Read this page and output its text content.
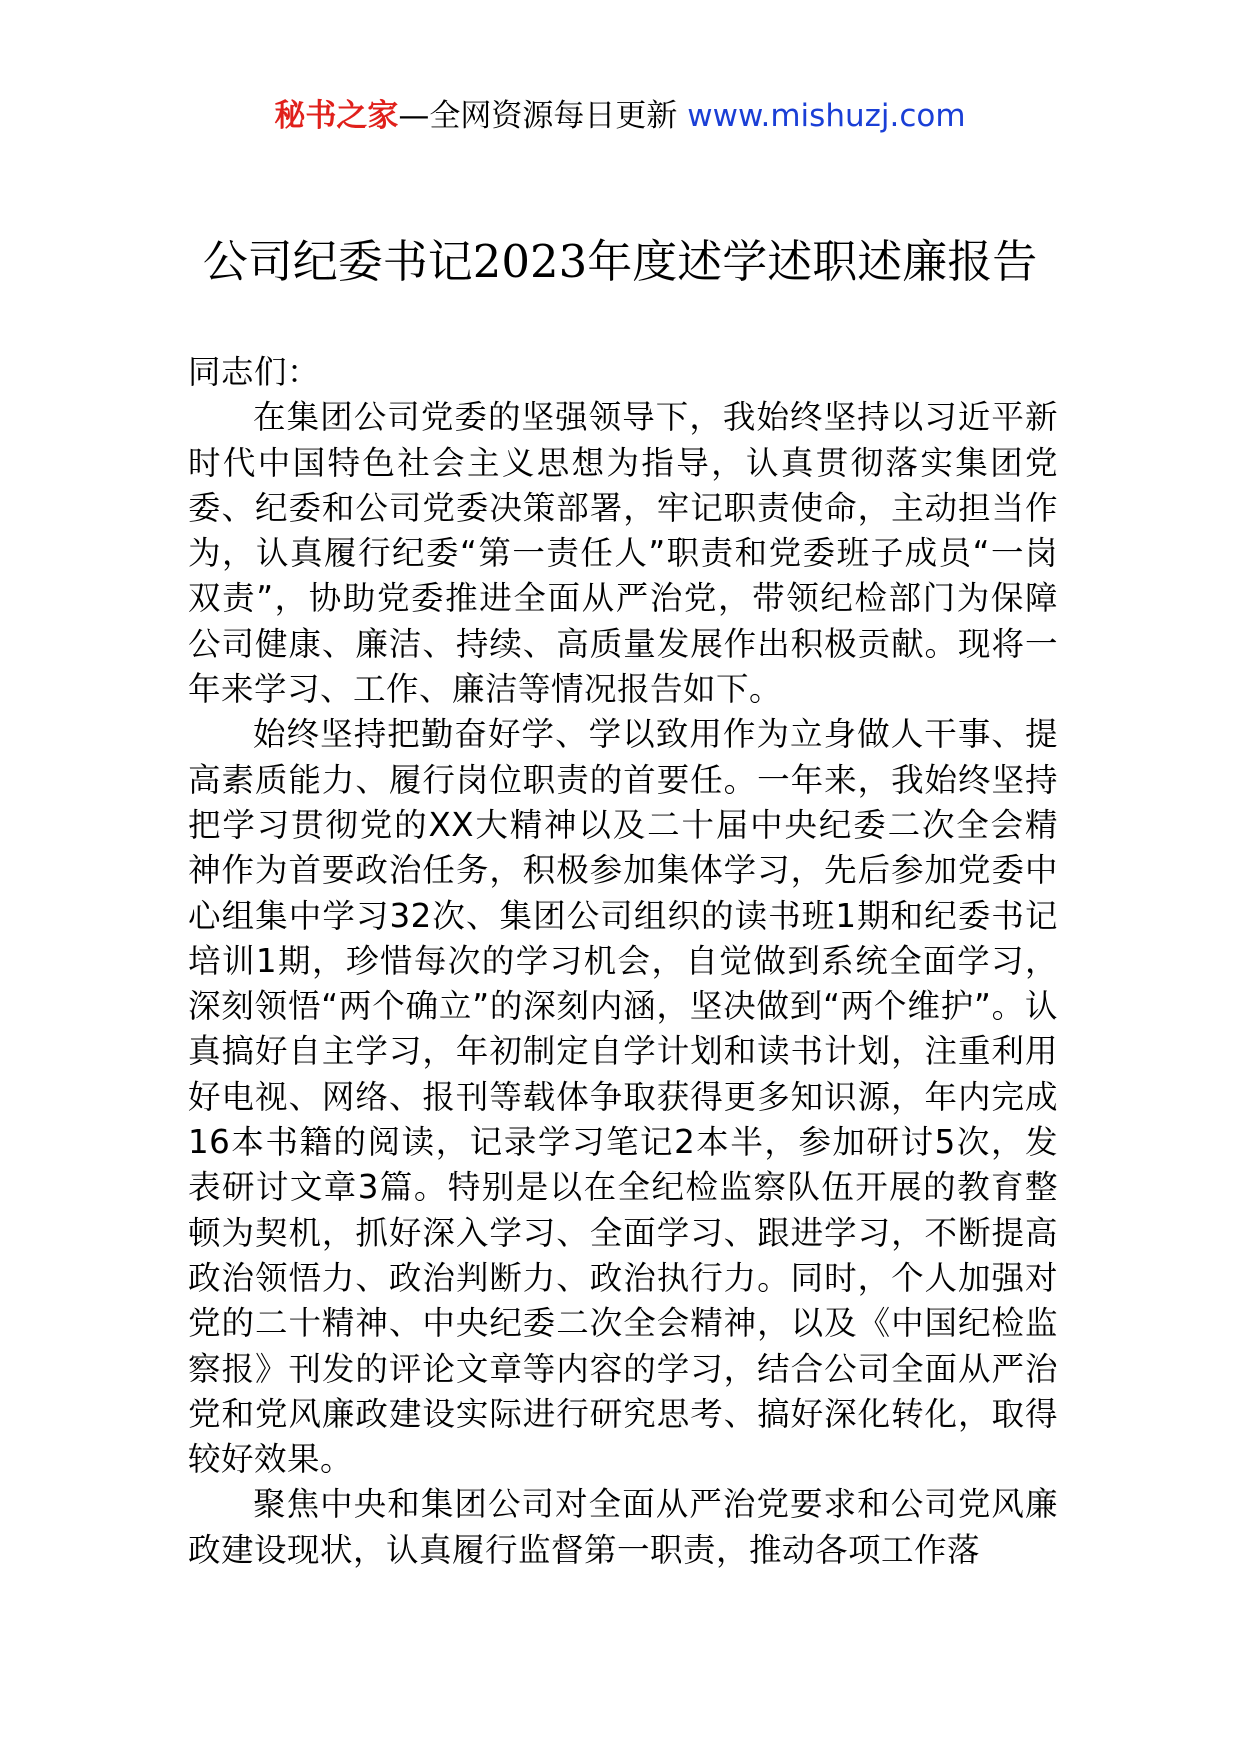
秘书之家—全网资源每日更新 www.mishuzj.com
公司纪委书记2023年度述学述职述廉报告

同志们：

在集团公司党委的坚强领导下，我始终坚持以习近平新时代中国特色社会主义思想为指导，认真贯彻落实集团党委、纪委和公司党委决策部署，牢记职责使命，主动担当作为，认真履行纪委“第一责任人”职责和党委班子成员“一岗双责”，协助党委推进全面从严治党，带领纪检部门为保障公司健康、廉洁、持续、高质量发展作出积极贡献。现将一年来学习、工作、廉洁等情况报告如下。

始终坚持把勤奋好学、学以致用作为立身做人干事、提高素质能力、履行岗位职责的首要任。一年来，我始终坚持把学习贯彻党的XX大精神以及二十届中央纪委二次全会精神作为首要政治任务，积极参加集体学习，先后参加党委中心组集中学习32次、集团公司组织的读书班1期和纪委书记培训1期，珍惜每次的学习机会，自觉做到系统全面学习，深刻领悟“两个确立”的深刻内涵，坚决做到“两个维护”。认真搞好自主学习，年初制定自学计划和读书计划，注重利用好电视、网络、报刊等载体争取获得更多知识源，年内完成16本书籍的阅读，记录学习笔记2本半，参加研讨5次，发表研讨文章3篇。特别是以在全纪检监察队伍开展的教育整顿为契机，抓好深入学习、全面学习、跟进学习，不断提高政治领悟力、政治判断力、政治执行力。同时，个人加强对党的二十精神、中央纪委二次全会精神，以及《中国纪检监察报》刊发的评论文章等内容的学习，结合公司全面从严治党和党风廉政建设实际进行研究思考、搞好深化转化，取得较好效果。

聚焦中央和集团公司对全面从严治党要求和公司党风廉政建设现状，认真履行监督第一职责，推动各项工作落
